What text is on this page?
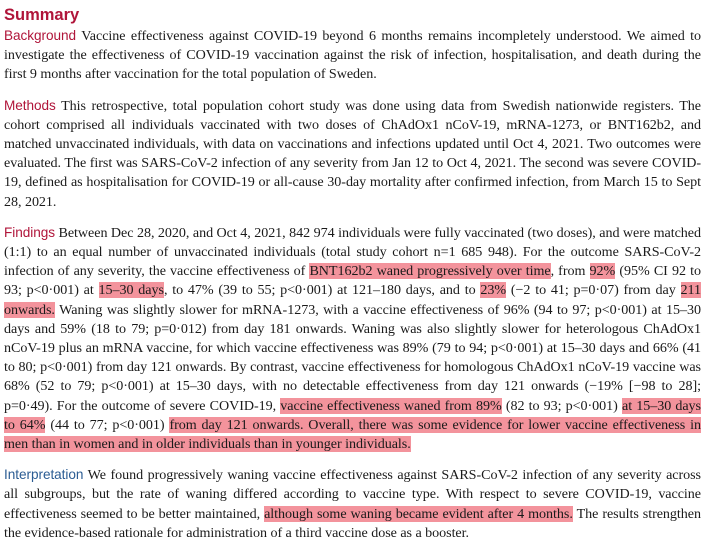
Summary

Background Vaccine effectiveness against COVID-19 beyond 6 months remains incompletely understood. We aimed to investigate the effectiveness of COVID-19 vaccination against the risk of infection, hospitalisation, and death during the first 9 months after vaccination for the total population of Sweden.

Methods This retrospective, total population cohort study was done using data from Swedish nationwide registers. The cohort comprised all individuals vaccinated with two doses of ChAdOx1 nCoV-19, mRNA-1273, or BNT162b2, and matched unvaccinated individuals, with data on vaccinations and infections updated until Oct 4, 2021. Two outcomes were evaluated. The first was SARS-CoV-2 infection of any severity from Jan 12 to Oct 4, 2021. The second was severe COVID-19, defined as hospitalisation for COVID-19 or all-cause 30-day mortality after confirmed infection, from March 15 to Sept 28, 2021.

Findings Between Dec 28, 2020, and Oct 4, 2021, 842 974 individuals were fully vaccinated (two doses), and were matched (1:1) to an equal number of unvaccinated individuals (total study cohort n=1 685 948). For the outcome SARS-CoV-2 infection of any severity, the vaccine effectiveness of BNT162b2 waned progressively over time, from 92% (95% CI 92 to 93; p<0·001) at 15–30 days, to 47% (39 to 55; p<0·001) at 121–180 days, and to 23% (−2 to 41; p=0·07) from day 211 onwards. Waning was slightly slower for mRNA-1273, with a vaccine effectiveness of 96% (94 to 97; p<0·001) at 15–30 days and 59% (18 to 79; p=0·012) from day 181 onwards. Waning was also slightly slower for heterologous ChAdOx1 nCoV-19 plus an mRNA vaccine, for which vaccine effectiveness was 89% (79 to 94; p<0·001) at 15–30 days and 66% (41 to 80; p<0·001) from day 121 onwards. By contrast, vaccine effectiveness for homologous ChAdOx1 nCoV-19 vaccine was 68% (52 to 79; p<0·001) at 15–30 days, with no detectable effectiveness from day 121 onwards (−19% [−98 to 28]; p=0·49). For the outcome of severe COVID-19, vaccine effectiveness waned from 89% (82 to 93; p<0·001) at 15–30 days to 64% (44 to 77; p<0·001) from day 121 onwards. Overall, there was some evidence for lower vaccine effectiveness in men than in women and in older individuals than in younger individuals.

Interpretation We found progressively waning vaccine effectiveness against SARS-CoV-2 infection of any severity across all subgroups, but the rate of waning differed according to vaccine type. With respect to severe COVID-19, vaccine effectiveness seemed to be better maintained, although some waning became evident after 4 months. The results strengthen the evidence-based rationale for administration of a third vaccine dose as a booster.
